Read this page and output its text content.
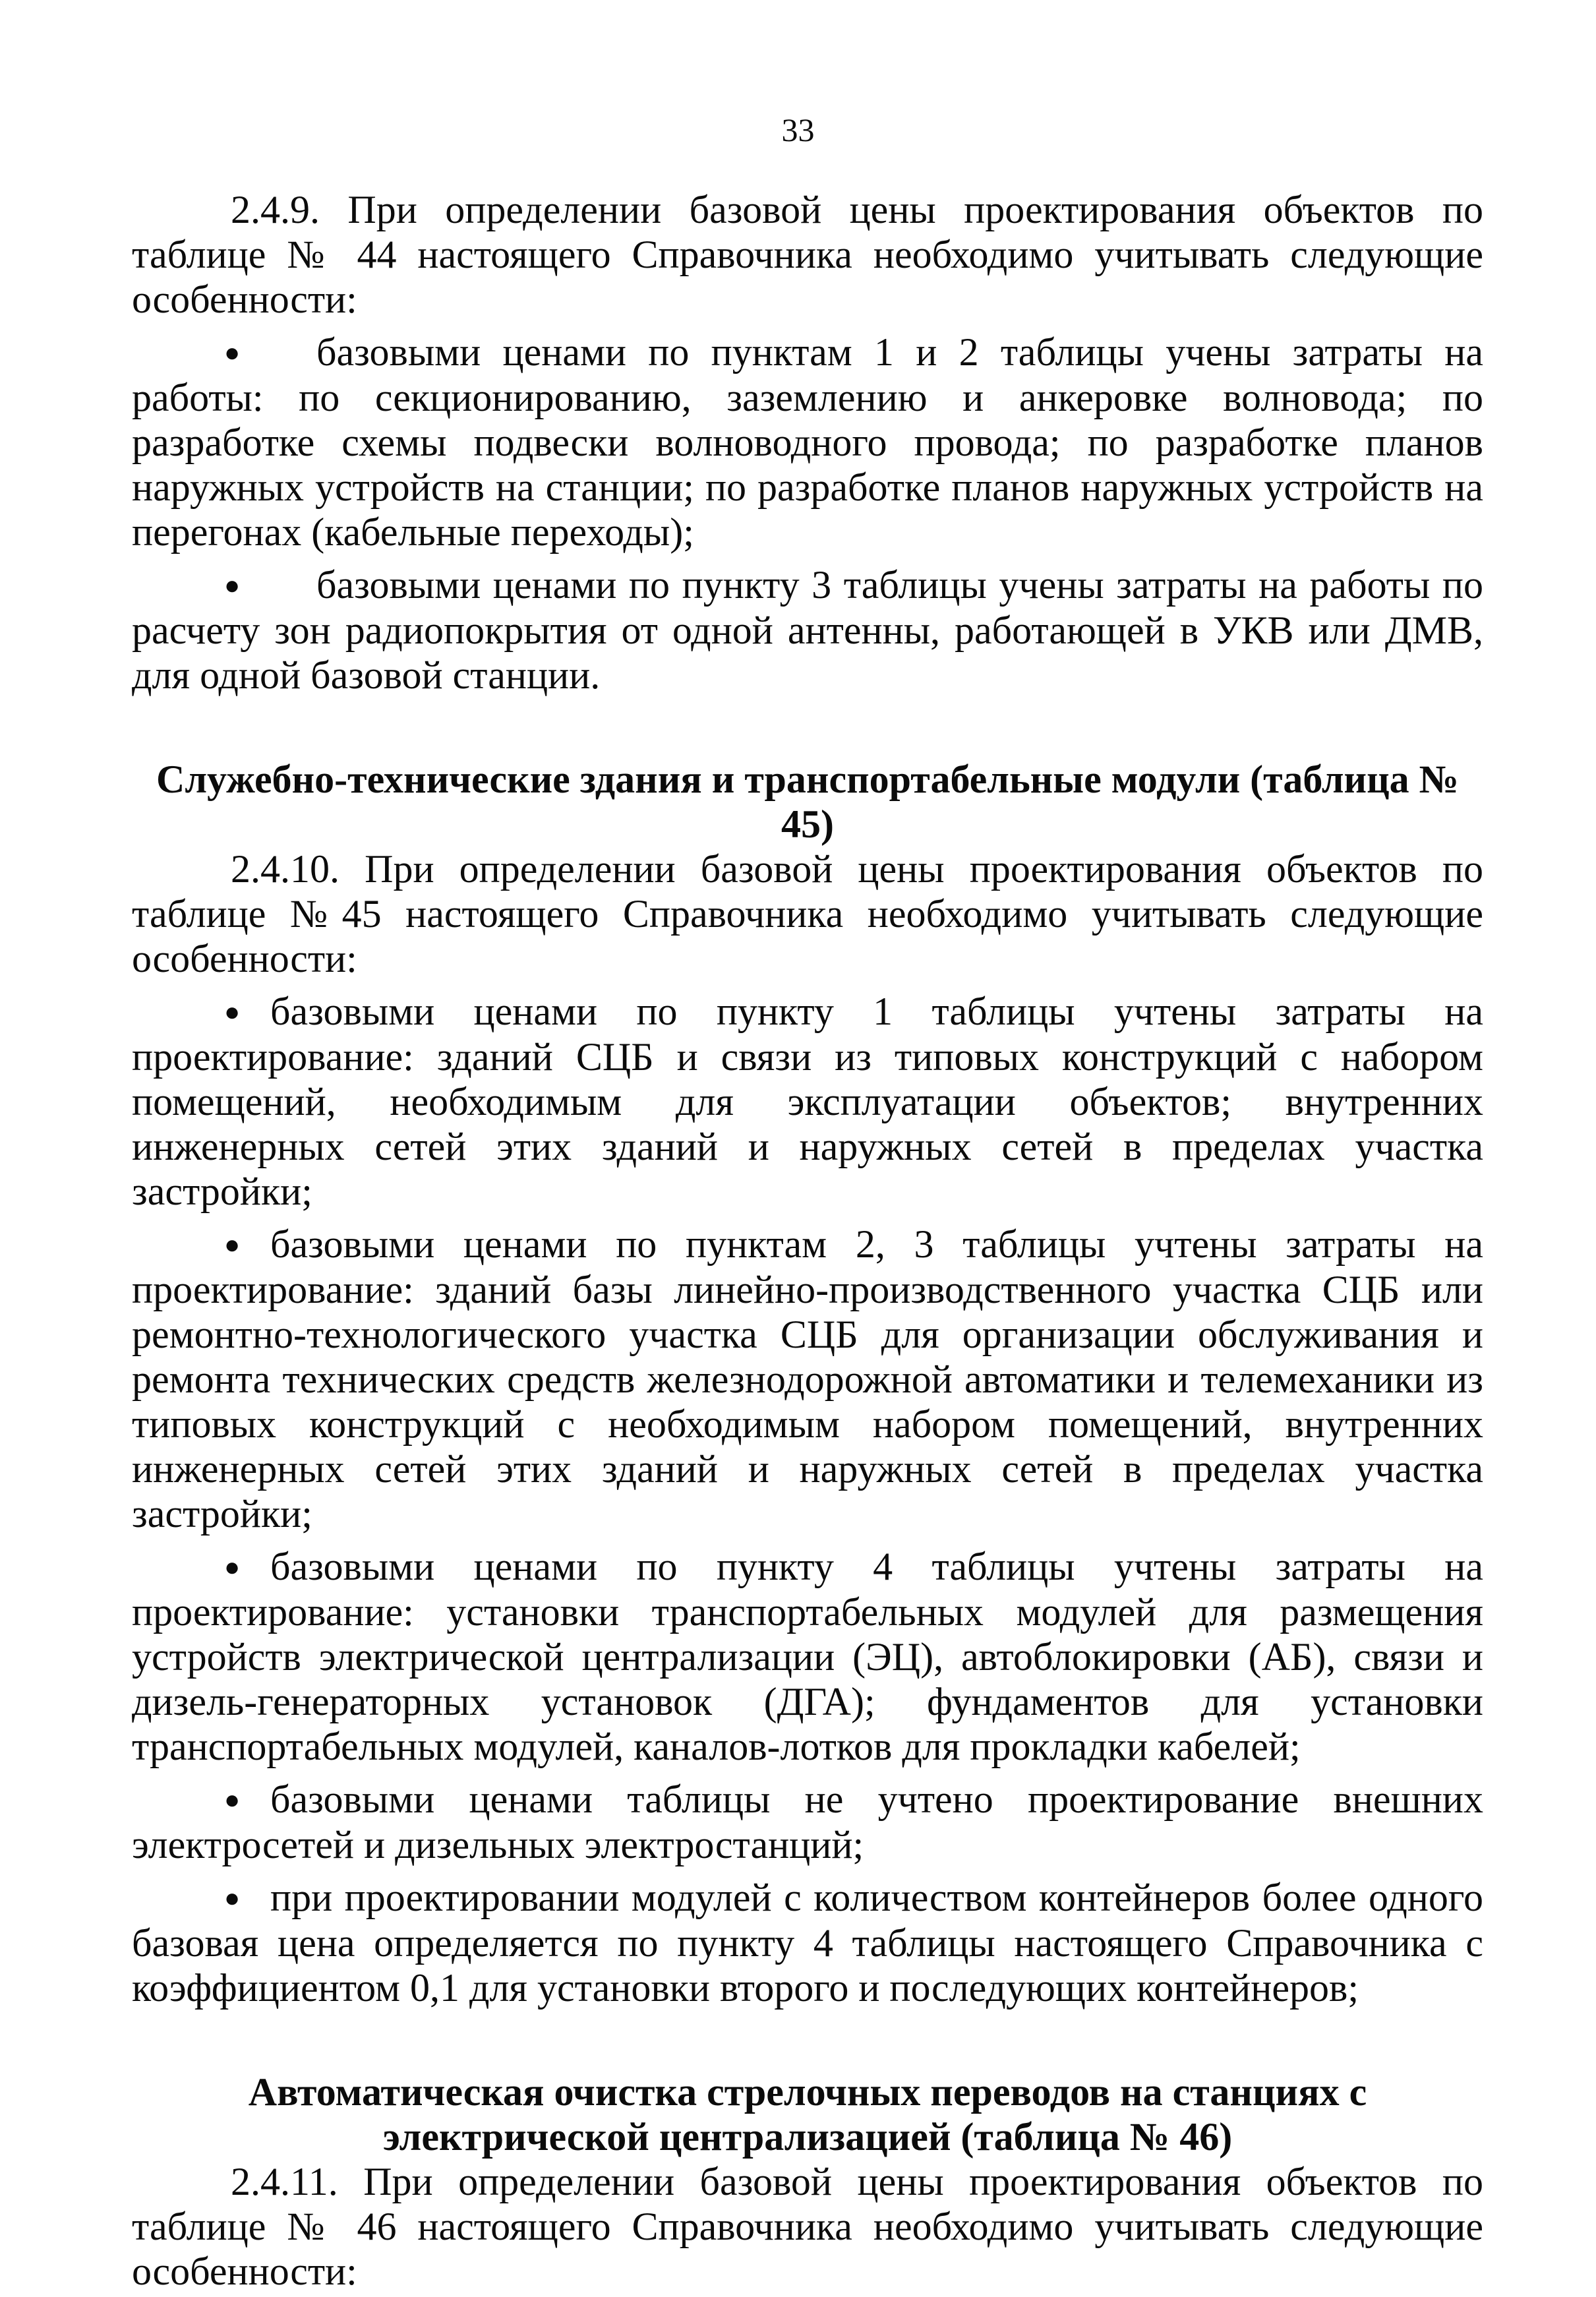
33

2.4.9. При определении базовой цены проектирования объектов по таблице № 44 настоящего Справочника необходимо учитывать следующие особенности:

● базовыми ценами по пунктам 1 и 2 таблицы учены затраты на работы: по секционированию, заземлению и анкеровке волновода; по разработке схемы подвески волноводного провода; по разработке планов наружных устройств на станции; по разработке планов наружных устройств на перегонах (кабельные переходы);

● базовыми ценами по пункту 3 таблицы учены затраты на работы по расчету зон радиопокрытия от одной антенны, работающей в УКВ или ДМВ, для одной базовой станции.

Служебно-технические здания и транспортабельные модули (таблица № 45)

2.4.10. При определении базовой цены проектирования объектов по таблице №45 настоящего Справочника необходимо учитывать следующие особенности:

● базовыми ценами по пункту 1 таблицы учтены затраты на проектирование: зданий СЦБ и связи из типовых конструкций с набором помещений, необходимым для эксплуатации объектов; внутренних инженерных сетей этих зданий и наружных сетей в пределах участка застройки;

● базовыми ценами по пунктам 2, 3 таблицы учтены затраты на проектирование: зданий базы линейно-производственного участка СЦБ или ремонтно-технологического участка СЦБ для организации обслуживания и ремонта технических средств железнодорожной автоматики и телемеханики из типовых конструкций с необходимым набором помещений, внутренних инженерных сетей этих зданий и наружных сетей в пределах участка застройки;

● базовыми ценами по пункту 4 таблицы учтены затраты на проектирование: установки транспортабельных модулей для размещения устройств электрической централизации (ЭЦ), автоблокировки (АБ), связи и дизель-генераторных установок (ДГА); фундаментов для установки транспортабельных модулей, каналов-лотков для прокладки кабелей;

● базовыми ценами таблицы не учтено проектирование внешних электросетей и дизельных электростанций;

● при проектировании модулей с количеством контейнеров более одного базовая цена определяется по пункту 4 таблицы настоящего Справочника с коэффициентом 0,1 для установки второго и последующих контейнеров;

Автоматическая очистка стрелочных переводов на станциях с

электрической централизацией (таблица № 46)

2.4.11. При определении базовой цены проектирования объектов по таблице № 46 настоящего Справочника необходимо учитывать следующие особенности:
